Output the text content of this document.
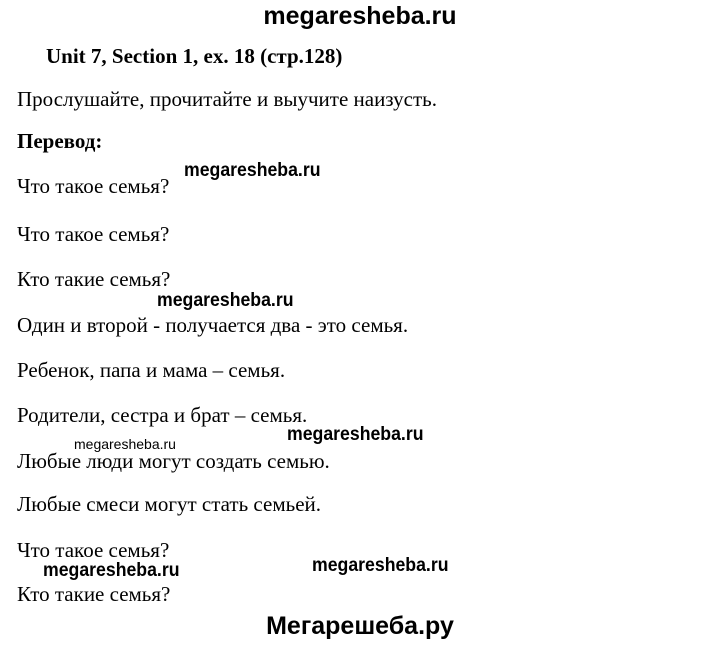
megaresheba.ru
Unit 7, Section 1, ex. 18 (стр.128)
Прослушайте, прочитайте и выучите наизусть.
Перевод:
Что такое семья?
Что такое семья?
Кто такие семья?
Один и второй - получается два - это семья.
Ребенок, папа и мама – семья.
Родители, сестра и брат – семья.
Любые люди могут создать семью.
Любые смеси могут стать семьей.
Что такое семья?
Кто такие семья?
megaresheba.ru
megaresheba.ru
megaresheba.ru	megaresheba.ru
megaresheba.ru	megaresheba.ru
Мегарешеба.ру
